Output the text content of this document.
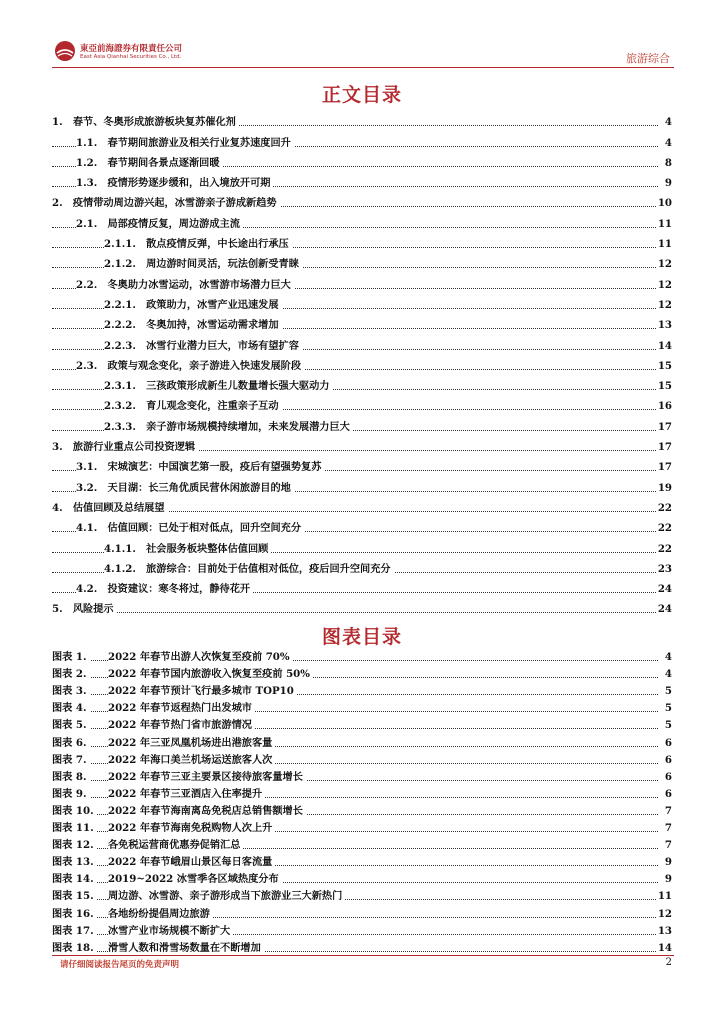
東亞前海證券有限責任公司
East Asia Qianhai Securities Co., Ltd.	旅游综合
正文目录
1.  春节、冬奥形成旅游板块复苏催化剂	4
1.1.  春节期间旅游业及相关行业复苏速度回升	4
1.2.  春节期间各景点逐渐回暖	8
1.3.  疫情形势逐步缓和，出入境放开可期	9
2.  疫情带动周边游兴起，冰雪游亲子游成新趋势	10
2.1.  局部疫情反复，周边游成主流	11
2.1.1.  散点疫情反弹，中长途出行承压	11
2.1.2.  周边游时间灵活，玩法创新受青睐	12
2.2.  冬奥助力冰雪运动，冰雪游市场潜力巨大	12
2.2.1.  政策助力，冰雪产业迅速发展	12
2.2.2.  冬奥加持，冰雪运动需求增加	13
2.2.3.  冰雪行业潜力巨大，市场有望扩容	14
2.3.  政策与观念变化，亲子游进入快速发展阶段	15
2.3.1.  三孩政策形成新生儿数量增长强大驱动力	15
2.3.2.  育儿观念变化，注重亲子互动	16
2.3.3.  亲子游市场规模持续增加，未来发展潜力巨大	17
3.  旅游行业重点公司投资逻辑	17
3.1.  宋城演艺：中国演艺第一股，疫后有望强势复苏	17
3.2.  天目湖：长三角优质民营休闲旅游目的地	19
4.  估值回顾及总结展望	22
4.1.  估值回顾：已处于相对低点，回升空间充分	22
4.1.1.  社会服务板块整体估值回顾	22
4.1.2.  旅游综合：目前处于估值相对低位，疫后回升空间充分	23
4.2.  投资建议：寒冬将过，静待花开	24
5.  风险提示	24
图表目录
图表 1. 2022 年春节出游人次恢复至疫前 70%	4
图表 2. 2022 年春节国内旅游收入恢复至疫前 50%	4
图表 3. 2022 年春节预计飞行最多城市 TOP10	5
图表 4. 2022 年春节返程热门出发城市	5
图表 5. 2022 年春节热门省市旅游情况	5
图表 6. 2022 年三亚凤凰机场进出港旅客量	6
图表 7. 2022 年海口美兰机场运送旅客人次	6
图表 8. 2022 年春节三亚主要景区接待旅客量增长	6
图表 9. 2022 年春节三亚酒店入住率提升	6
图表 10. 2022 年春节海南离岛免税店总销售额增长	7
图表 11. 2022 年春节海南免税购物人次上升	7
图表 12. 各免税运营商优惠券促销汇总	7
图表 13. 2022 年春节峨眉山景区每日客流量	9
图表 14. 2019~2022 冰雪季各区域热度分布	9
图表 15. 周边游、冰雪游、亲子游形成当下旅游业三大新热门	11
图表 16. 各地纷纷提倡周边旅游	12
图表 17. 冰雪产业市场规模不断扩大	13
图表 18. 滑雪人数和滑雪场数量在不断增加	14
请仔细阅读报告尾页的免责声明	2
